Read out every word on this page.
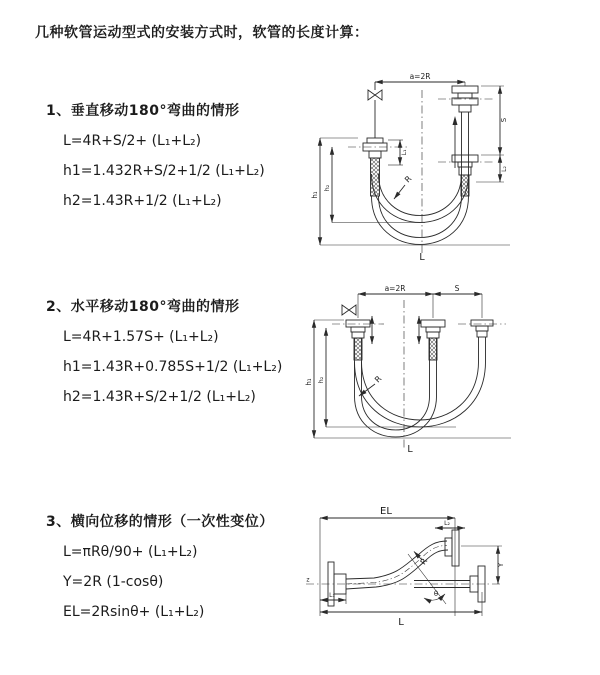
几种软管运动型式的安装方式时，软管的长度计算：
1、垂直移动180°弯曲的情形

L=4R+S/2+ (L₁+L₂)

h1=1.432R+S/2+1/2 (L₁+L₂)

h2=1.43R+1/2 (L₁+L₂)

2、水平移动180°弯曲的情形

L=4R+1.57S+ (L₁+L₂)

h1=1.43R+0.785S+1/2 (L₁+L₂)

h2=1.43R+S/2+1/2 (L₁+L₂)

3、横向位移的情形（一次性变位）

L=πRθ/90+ (L₁+L₂)

Y=2R (1-cosθ)

EL=2Rsinθ+ (L₁+L₂)

a=2R
L₁
S
L₂
h₁
h₂
R
L
a=2R	S
h₁ h₂	R
L
EL
L₂
Y
R
θ
z
L₁
L
